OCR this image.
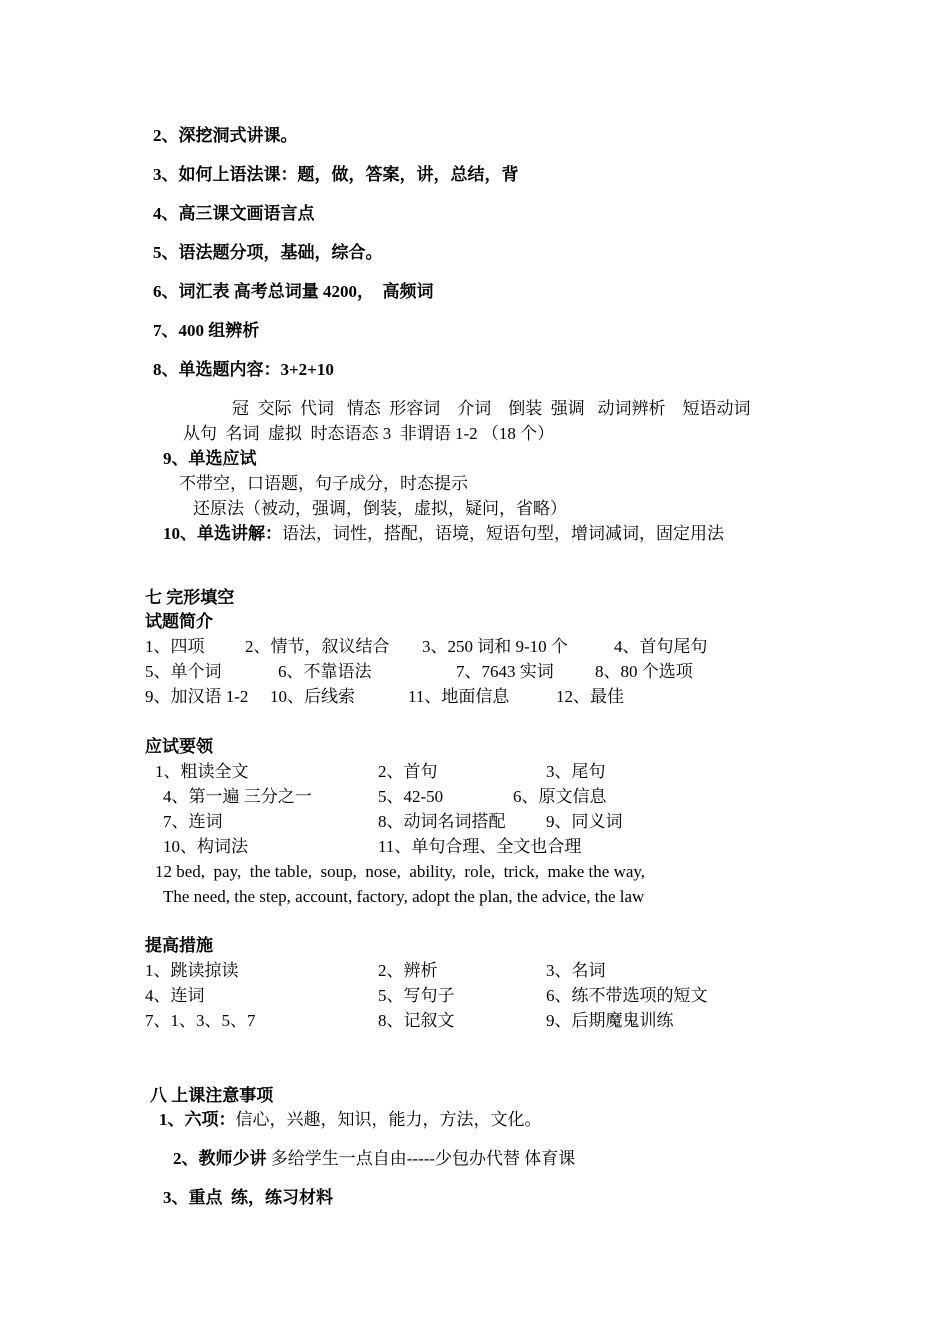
2、深挖洞式讲课。
3、如何上语法课：题，做，答案，讲，总结，背
4、高三课文画语言点
5、语法题分项，基础，综合。
6、词汇表 高考总词量 4200，  高频词
7、400 组辨析
8、单选题内容：3+2+10
冠  交际  代词   情态  形容词    介词    倒装  强调   动词辨析    短语动词
从句  名词  虚拟  时态语态 3  非谓语 1-2 （18 个）
9、单选应试
不带空，口语题，句子成分，时态提示
还原法（被动，强调，倒装，虚拟，疑问，省略）
10、单选讲解：语法，词性，搭配，语境，短语句型，增词减词，固定用法
七 完形填空
试题简介
1、四项 2、情节，叙议结合 3、250 词和 9-10 个	4、首句尾句
5、单个词	6、不靠语法	7、7643 实词 8、80 个选项
9、加汉语 1-2 10、后线索	11、地面信息	12、最佳
应试要领
1、粗读全文	2、首句	3、尾句
4、第一遍 三分之一	5、42-50	6、原文信息
7、连词	8、动词名词搭配 9、同义词
10、构词法	11、单句合理、全文也合理
12 bed,  pay,  the table,  soup,  nose,  ability,  role,  trick,  make the way,
The need, the step, account, factory, adopt the plan, the advice, the law
提高措施
1、跳读掠读	2、辨析	3、名词
4、连词	5、写句子	6、练不带选项的短文
7、1、3、5、7	8、记叙文	9、后期魔鬼训练
八 上课注意事项
1、六项：信心，兴趣，知识，能力，方法，文化。
2、教师少讲 多给学生一点自由-----少包办代替 体育课
3、重点  练，练习材料
